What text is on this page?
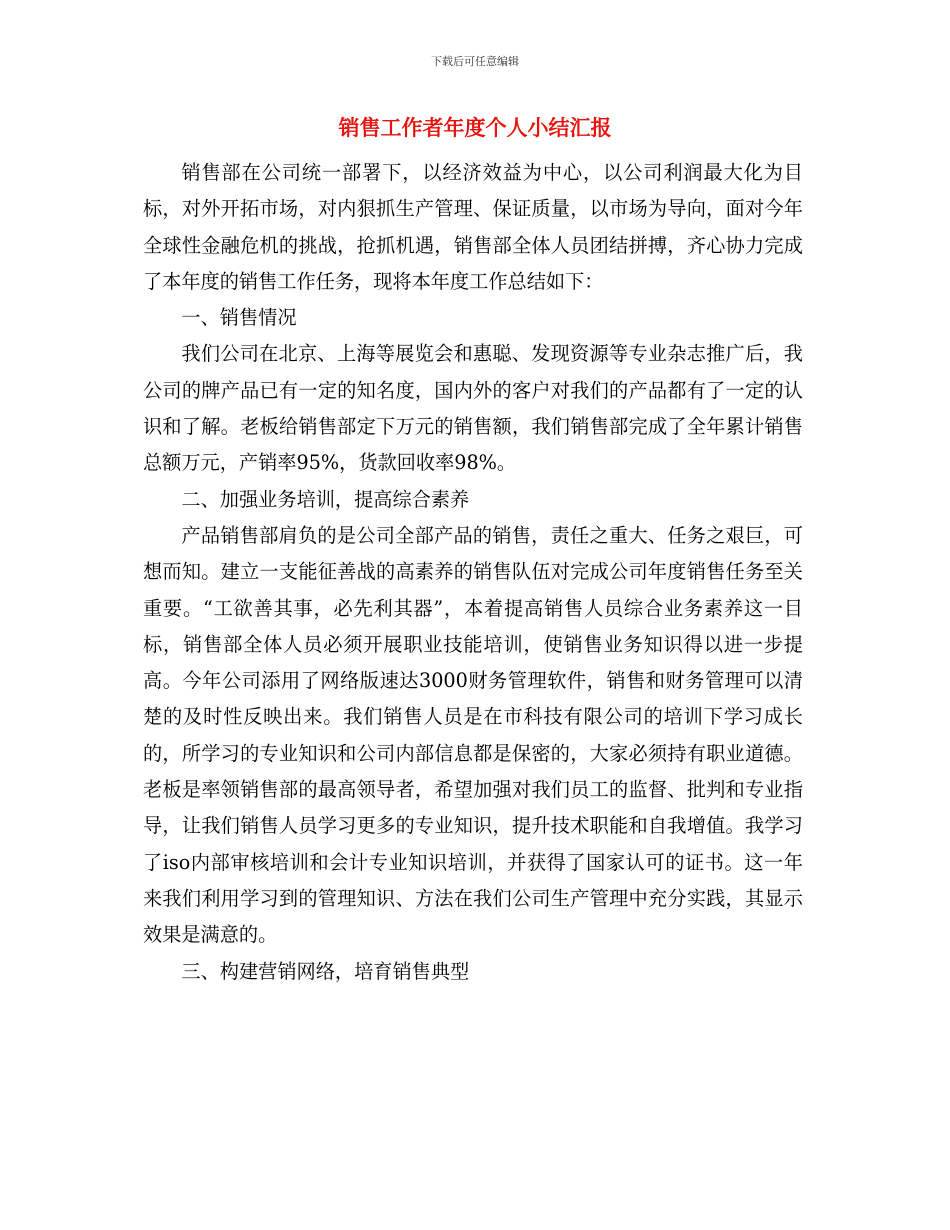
下载后可任意编辑
销售工作者年度个人小结汇报

销售部在公司统一部署下，以经济效益为中心，以公司利润最大化为目标，对外开拓市场，对内狠抓生产管理、保证质量，以市场为导向，面对今年全球性金融危机的挑战，抢抓机遇，销售部全体人员团结拼搏，齐心协力完成了本年度的销售工作任务，现将本年度工作总结如下：

一、销售情况

我们公司在北京、上海等展览会和惠聪、发现资源等专业杂志推广后，我公司的牌产品已有一定的知名度，国内外的客户对我们的产品都有了一定的认识和了解。老板给销售部定下万元的销售额，我们销售部完成了全年累计销售总额万元，产销率95%，货款回收率98%。

二、加强业务培训，提高综合素养

产品销售部肩负的是公司全部产品的销售，责任之重大、任务之艰巨，可想而知。建立一支能征善战的高素养的销售队伍对完成公司年度销售任务至关重要。“工欲善其事，必先利其器”，本着提高销售人员综合业务素养这一目标，销售部全体人员必须开展职业技能培训，使销售业务知识得以进一步提高。今年公司添用了网络版速达3000财务管理软件，销售和财务管理可以清楚的及时性反映出来。我们销售人员是在市科技有限公司的培训下学习成长的，所学习的专业知识和公司内部信息都是保密的，大家必须持有职业道德。老板是率领销售部的最高领导者，希望加强对我们员工的监督、批判和专业指导，让我们销售人员学习更多的专业知识，提升技术职能和自我增值。我学习了iso内部审核培训和会计专业知识培训，并获得了国家认可的证书。这一年来我们利用学习到的管理知识、方法在我们公司生产管理中充分实践，其显示效果是满意的。

三、构建营销网络，培育销售典型
